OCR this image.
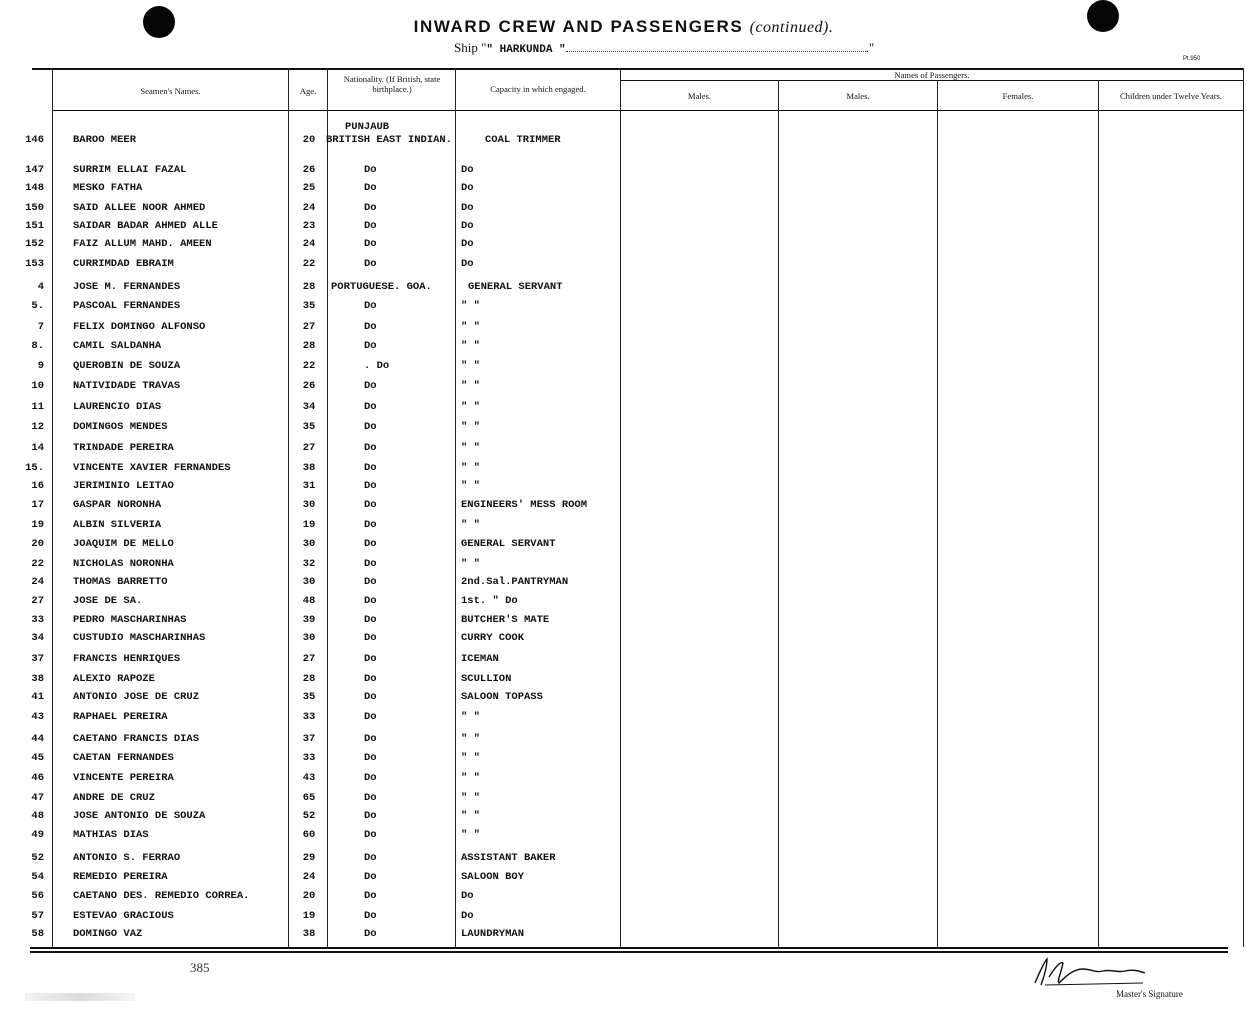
INWARD CREW AND PASSENGERS (continued).
Ship "" HARKUNDA "	."
Pt.950
Seamen's Names.	Age.
Nationality. (If British, state birthplace.)	Capacity in which engaged.
Names of Passengers.
Males.	Males.	Females.	Children under Twelve Years.
PUNJAUB
146	BAROO MEER	20	BRITISH EAST INDIAN.	COAL TRIMMER
147	SURRIM ELLAI FAZAL	26	Do	Do
148	MESKO FATHA	25	Do	Do
150	SAID ALLEE NOOR AHMED	24	Do	Do
151	SAIDAR BADAR AHMED ALLE	23	Do	Do
152	FAIZ ALLUM MAHD. AMEEN	24	Do	Do
153	CURRIMDAD EBRAIM	22	Do	Do
4	JOSE M. FERNANDES	28	PORTUGUESE. GOA.	GENERAL SERVANT
5.	PASCOAL FERNANDES	35	Do	" "
7	FELIX DOMINGO ALFONSO	27	Do	" "
8.	CAMIL SALDANHA	28	Do	" "
9	QUEROBIN DE SOUZA	22	. Do	" "
10	NATIVIDADE TRAVAS	26	Do	" "
11	LAURENCIO DIAS	34	Do	" "
12	DOMINGOS MENDES	35	Do	" "
14	TRINDADE PEREIRA	27	Do	" "
15.	VINCENTE XAVIER FERNANDES	38	Do	" "
16	JERIMINIO LEITAO	31	Do	" "
17	GASPAR NORONHA	30	Do	ENGINEERS' MESS ROOM
19	ALBIN SILVERIA	19	Do	" "
20	JOAQUIM DE MELLO	30	Do	GENERAL SERVANT
22	NICHOLAS NORONHA	32	Do	" "
24	THOMAS BARRETTO	30	Do	2nd.Sal.PANTRYMAN
27	JOSE DE SA.	48	Do	1st. " Do
33	PEDRO MASCHARINHAS	39	Do	BUTCHER'S MATE
34	CUSTUDIO MASCHARINHAS	30	Do	CURRY COOK
37	FRANCIS HENRIQUES	27	Do	ICEMAN
38	ALEXIO RAPOZE	28	Do	SCULLION
41	ANTONIO JOSE DE CRUZ	35	Do	SALOON TOPASS
43	RAPHAEL PEREIRA	33	Do	" "
44	CAETANO FRANCIS DIAS	37	Do	" "
45	CAETAN FERNANDES	33	Do	" "
46	VINCENTE PEREIRA	43	Do	" "
47	ANDRE DE CRUZ	65	Do	" "
48	JOSE ANTONIO DE SOUZA	52	Do	" "
49	MATHIAS DIAS	60	Do	" "
52	ANTONIO S. FERRAO	29	Do	ASSISTANT BAKER
54	REMEDIO PEREIRA	24	Do	SALOON BOY
56	CAETANO DES. REMEDIO CORREA.	20	Do	Do
57	ESTEVAO GRACIOUS	19	Do	Do
58	DOMINGO VAZ	38	Do	LAUNDRYMAN
385
Master's Signature
